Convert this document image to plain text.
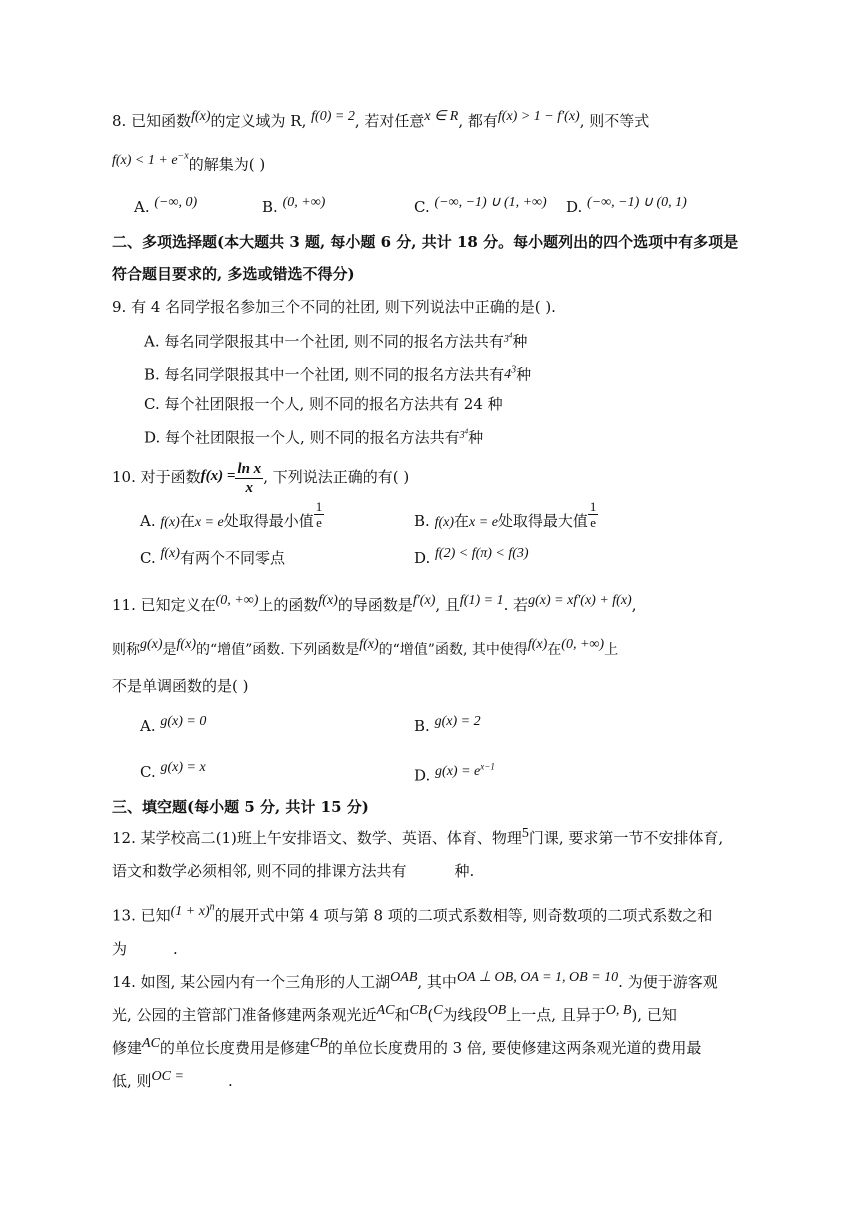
8. 已知函数f(x)的定义域为 R, f(0) = 2, 若对任意x ∈ R, 都有f(x) > 1 − f′(x), 则不等式
$f(x) < 1 + e^{-x}$的解集为( )
A. (−∞, 0)	B. (0, +∞)	C. (−∞, −1) ∪ (1, +∞) D. (−∞, −1) ∪ (0, 1)
二、多项选择题(本大题共 3 题, 每小题 6 分, 共计 18 分。每小题列出的四个选项中有多项是
符合题目要求的, 多选或错选不得分)
9. 有 4 名同学报名参加三个不同的社团, 则下列说法中正确的是( ).
A. 每名同学限报其中一个社团, 则不同的报名方法共有$^{3^4}$种
B. 每名同学限报其中一个社团, 则不同的报名方法共有$4^3$种
C. 每个社团限报一个人, 则不同的报名方法共有 24 种
D. 每个社团限报一个人, 则不同的报名方法共有$^{3^4}$种
10. 对于函数$f(x) = \frac{\text{ln x}}{x}$ , 下列说法正确的有( )
A. f(x)在x = e处取得最小值 $\frac{1}{e}$	B. f(x)在x = e处取得最大值 $\frac{1}{e}$
C. f(x)有两个不同零点	D. f(2) < f(π) < f(3)
11. 已知定义在(0, +∞)上的函数f(x)的导函数是f′(x), 且f(1) = 1. 若g(x) = xf′(x) + f(x),
则称g(x)是f(x)的“增值”函数. 下列函数是f(x)的“增值”函数, 其中使得f(x)在(0, +∞)上
不是单调函数的是( )
A. g(x) = 0	B. g(x) = 2
C. g(x) = x	D. $g(x) = e^{x-1}$
三、填空题(每小题 5 分, 共计 15 分)
12. 某学校高二(1)班上午安排语文、数学、英语、体育、物理5门课, 要求第一节不安排体育,
语文和数学必须相邻, 则不同的排课方法共有	种.
13. 已知$(1 + x)^n$的展开式中第 4 项与第 8 项的二项式系数相等, 则奇数项的二项式系数之和
为	.
14. 如图, 某公园内有一个三角形的人工湖OAB, 其中OA ⊥ OB, OA = 1, OB = 10. 为便于游客观
光, 公园的主管部门准备修建两条观光近AC和CB(C为线段OB上一点, 且异于O, B), 已知
修建AC的单位长度费用是修建CB的单位长度费用的 3 倍, 要使修建这两条观光道的费用最
低, 则OC =	.
